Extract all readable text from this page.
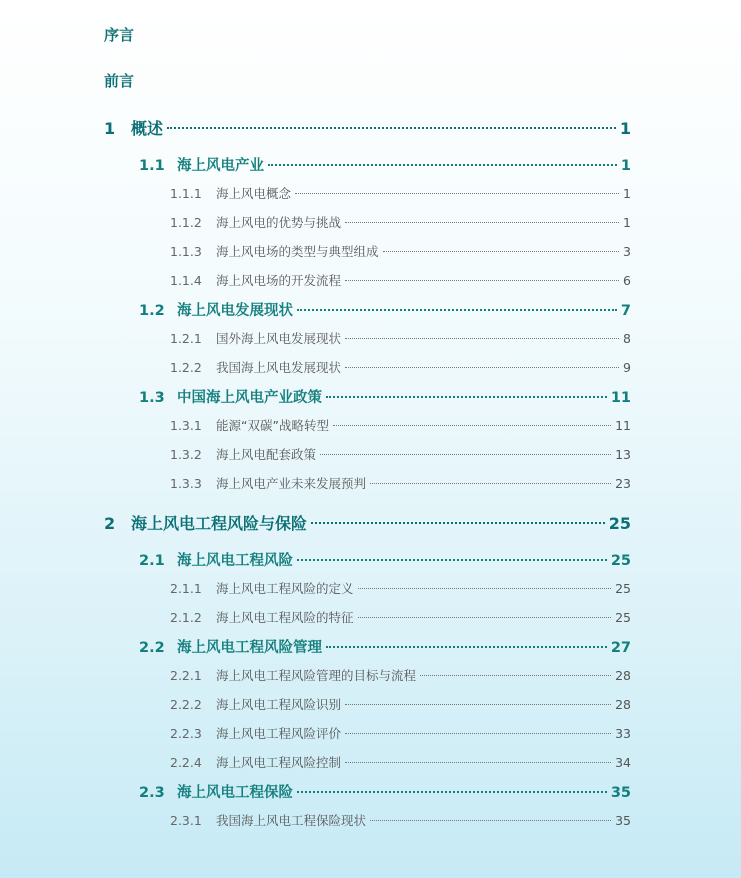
序言
前言
1 概述	1
1.1 海上风电产业	1
1.1.1	海上风电概念	1
1.1.2	海上风电的优势与挑战	1
1.1.3	海上风电场的类型与典型组成	3
1.1.4	海上风电场的开发流程	6
1.2 海上风电发展现状	7
1.2.1	国外海上风电发展现状	8
1.2.2	我国海上风电发展现状	9
1.3 中国海上风电产业政策	11
1.3.1	能源“双碳”战略转型	11
1.3.2	海上风电配套政策	13
1.3.3	海上风电产业未来发展预判	23
2 海上风电工程风险与保险	25
2.1 海上风电工程风险	25
2.1.1	海上风电工程风险的定义	25
2.1.2	海上风电工程风险的特征	25
2.2 海上风电工程风险管理	27
2.2.1	海上风电工程风险管理的目标与流程	28
2.2.2	海上风电工程风险识别	28
2.2.3	海上风电工程风险评价	33
2.2.4	海上风电工程风险控制	34
2.3 海上风电工程保险	35
2.3.1	我国海上风电工程保险现状	35
